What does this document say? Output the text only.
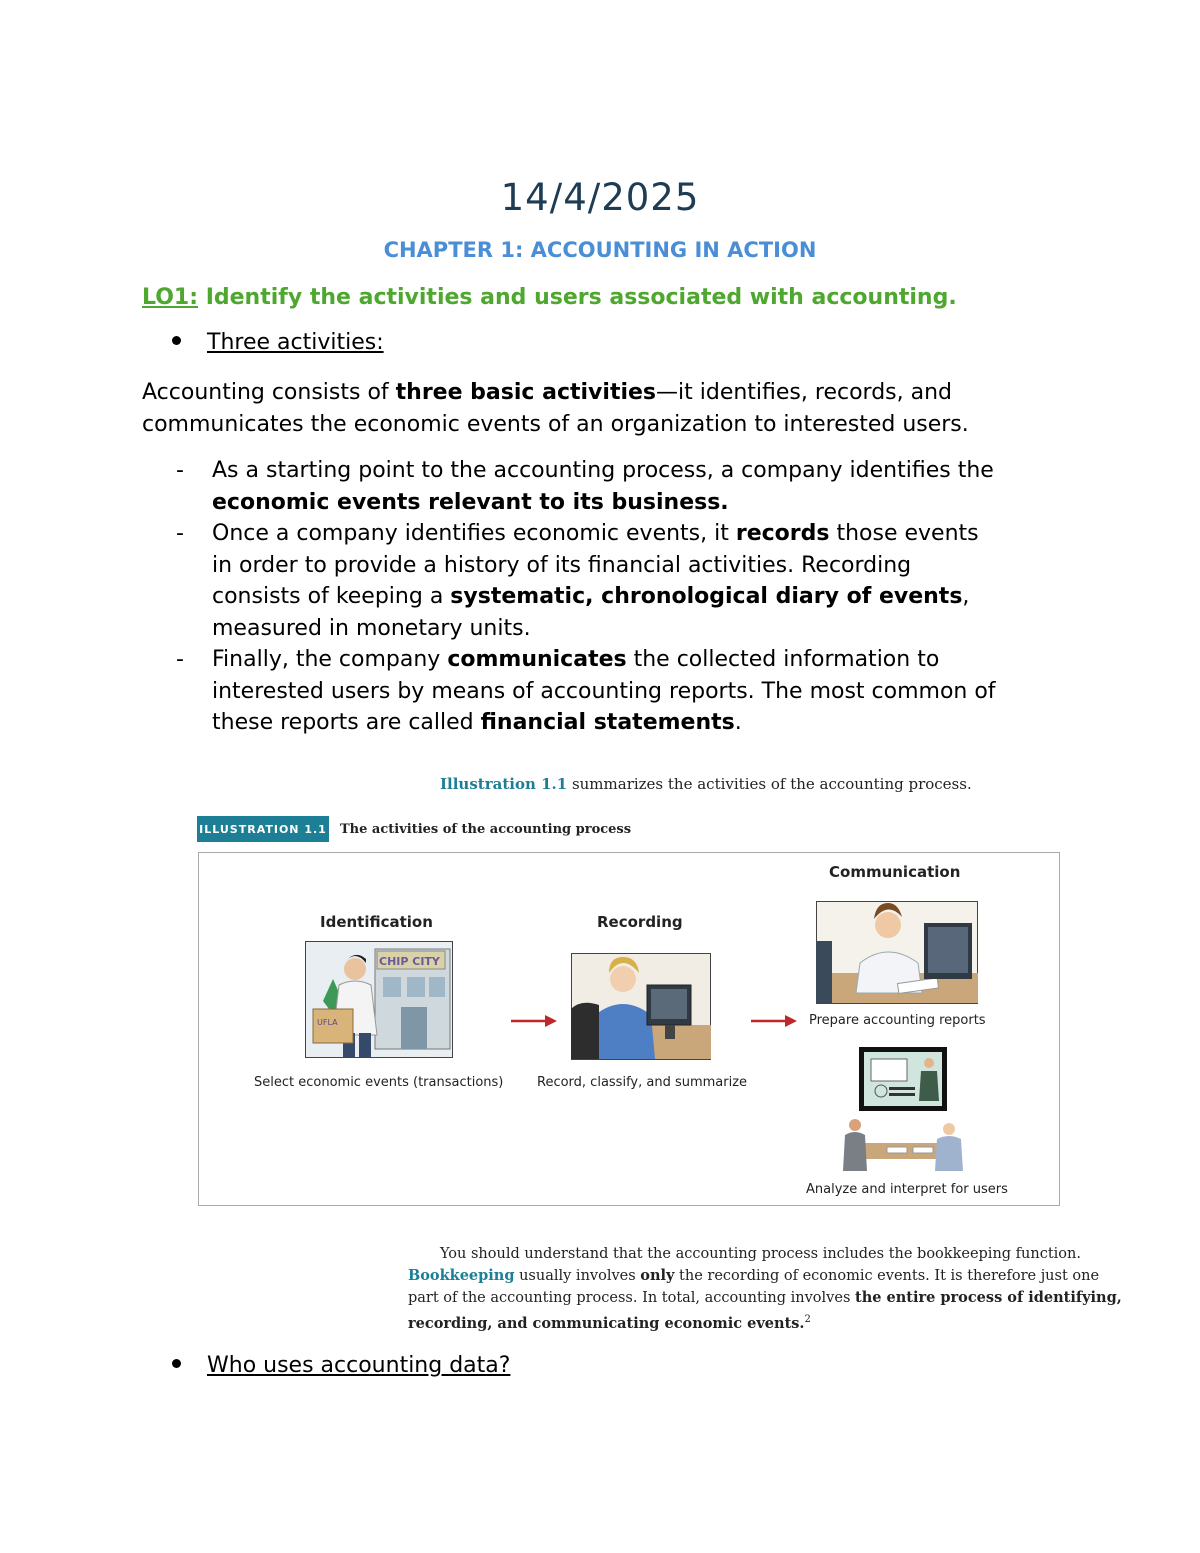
14/4/2025
CHAPTER 1: ACCOUNTING IN ACTION
LO1: Identify the activities and users associated with accounting.
Three activities:
Accounting consists of three basic activities—it identifies, records, and
communicates the economic events of an organization to interested users.
- As a starting point to the accounting process, a company identifies the
economic events relevant to its business.
- Once a company identifies economic events, it records those events
in order to provide a history of its financial activities. Recording
consists of keeping a systematic, chronological diary of events,
measured in monetary units.
- Finally, the company communicates the collected information to
interested users by means of accounting reports. The most common of
these reports are called financial statements.
Illustration 1.1 summarizes the activities of the accounting process.
ILLUSTRATION 1.1 The activities of the accounting process
Identification
CHIP CITY
UFLA
Select economic events (transactions)
Recording
Record, classify, and summarize
Communication
Prepare accounting reports
Analyze and interpret for users
You should understand that the accounting process includes the bookkeeping function.
Bookkeeping usually involves only the recording of economic events. It is therefore just one
part of the accounting process. In total, accounting involves the entire process of identifying,
recording, and communicating economic events.$^2$
Who uses accounting data?
